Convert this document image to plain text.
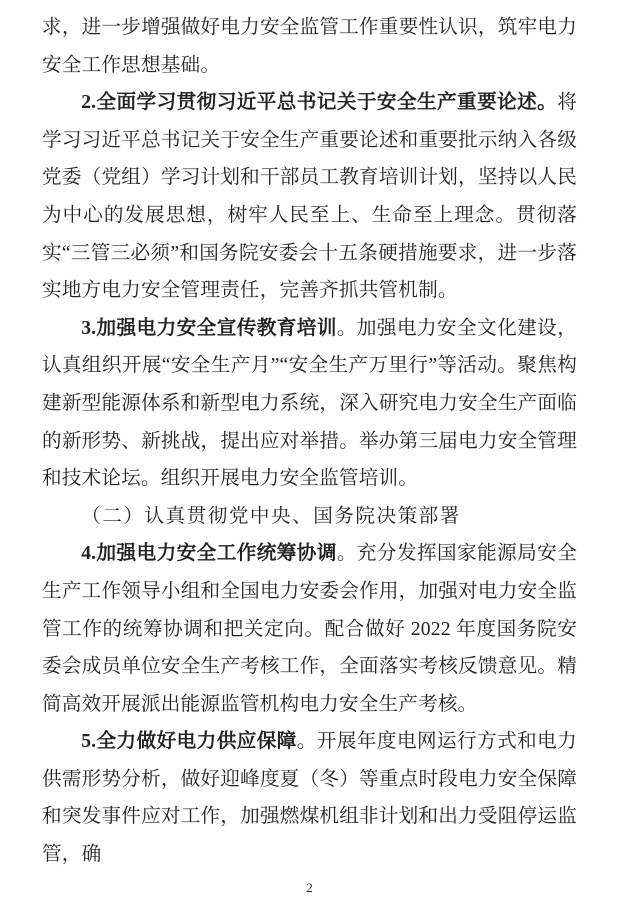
求，进一步增强做好电力安全监管工作重要性认识，筑牢电力安全工作思想基础。

2.全面学习贯彻习近平总书记关于安全生产重要论述。将学习习近平总书记关于安全生产重要论述和重要批示纳入各级党委（党组）学习计划和干部员工教育培训计划，坚持以人民为中心的发展思想，树牢人民至上、生命至上理念。贯彻落实“三管三必须”和国务院安委会十五条硬措施要求，进一步落实地方电力安全管理责任，完善齐抓共管机制。

3.加强电力安全宣传教育培训。加强电力安全文化建设，认真组织开展“安全生产月”“安全生产万里行”等活动。聚焦构建新型能源体系和新型电力系统，深入研究电力安全生产面临的新形势、新挑战，提出应对举措。举办第三届电力安全管理和技术论坛。组织开展电力安全监管培训。

（二）认真贯彻党中央、国务院决策部署

4.加强电力安全工作统筹协调。充分发挥国家能源局安全生产工作领导小组和全国电力安委会作用，加强对电力安全监管工作的统筹协调和把关定向。配合做好 2022 年度国务院安委会成员单位安全生产考核工作，全面落实考核反馈意见。精简高效开展派出能源监管机构电力安全生产考核。

5.全力做好电力供应保障。开展年度电网运行方式和电力供需形势分析，做好迎峰度夏（冬）等重点时段电力安全保障和突发事件应对工作，加强燃煤机组非计划和出力受阻停运监管，确

2
